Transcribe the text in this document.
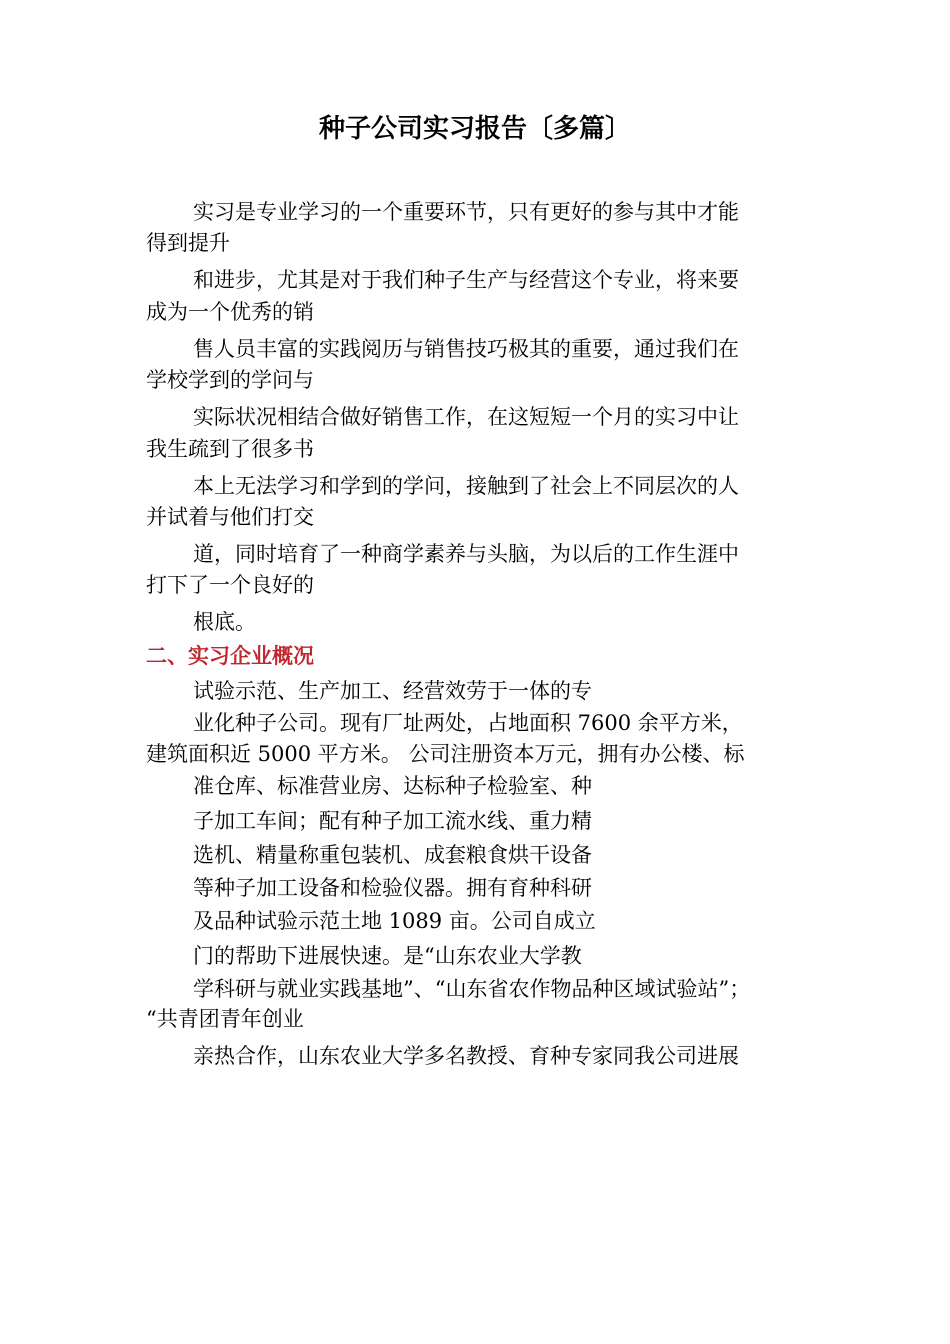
种子公司实习报告〔多篇〕
实习是专业学习的一个重要环节，只有更好的参与其中才能
得到提升
和进步，尤其是对于我们种子生产与经营这个专业，将来要
成为一个优秀的销
售人员丰富的实践阅历与销售技巧极其的重要，通过我们在
学校学到的学问与
实际状况相结合做好销售工作，在这短短一个月的实习中让
我生疏到了很多书
本上无法学习和学到的学问，接触到了社会上不同层次的人
并试着与他们打交
道，同时培育了一种商学素养与头脑，为以后的工作生涯中
打下了一个良好的
根底。
二、实习企业概况
试验示范、生产加工、经营效劳于一体的专
业化种子公司。现有厂址两处，占地面积 7600 余平方米，
建筑面积近 5000 平方米。 公司注册资本万元，拥有办公楼、标
准仓库、标准营业房、达标种子检验室、种
子加工车间；配有种子加工流水线、重力精
选机、精量称重包装机、成套粮食烘干设备
等种子加工设备和检验仪器。拥有育种科研
及品种试验示范土地 1089 亩。公司自成立
门的帮助下进展快速。是“山东农业大学教
学科研与就业实践基地”、“山东省农作物品种区域试验站”；
“共青团青年创业
亲热合作，山东农业大学多名教授、育种专家同我公司进展
